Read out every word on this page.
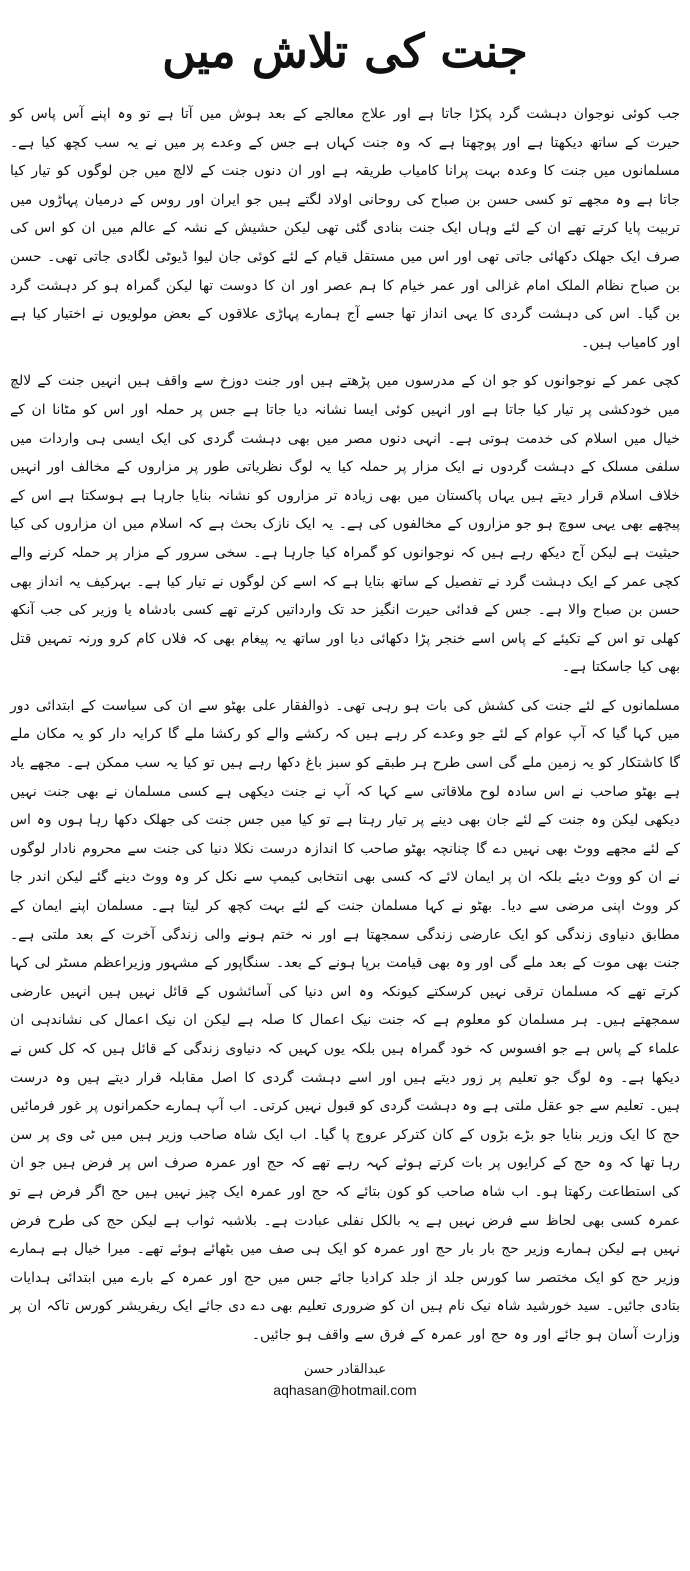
جنت کی تلاش میں

جب کوئی نوجوان دہشت گرد پکڑا جاتا ہے اور علاج معالجے کے بعد ہوش میں آتا ہے تو وہ اپنے آس پاس کو حیرت کے ساتھ دیکھتا ہے اور پوچھتا ہے کہ وہ جنت کہاں ہے جس کے وعدے پر میں نے یہ سب کچھ کیا ہے۔ مسلمانوں میں جنت کا وعدہ بہت پرانا کامیاب طریقہ ہے اور ان دنوں جنت کے لالچ میں جن لوگوں کو تیار کیا جاتا ہے وہ مجھے تو کسی حسن بن صباح کی روحانی اولاد لگتے ہیں جو ایران اور روس کے درمیان پہاڑوں میں تربیت پایا کرتے تھے ان کے لئے وہاں ایک جنت بنادی گئی تھی لیکن حشیش کے نشہ کے عالم میں ان کو اس کی صرف ایک جھلک دکھائی جاتی تھی اور اس میں مستقل قیام کے لئے کوئی جان لیوا ڈیوٹی لگادی جاتی تھی۔ حسن بن صباح نظام الملک امام غزالی اور عمر خیام کا ہم عصر اور ان کا دوست تھا لیکن گمراہ ہو کر دہشت گرد بن گیا۔ اس کی دہشت گردی کا یہی انداز تھا جسے آج ہمارے پہاڑی علاقوں کے بعض مولویوں نے اختیار کیا ہے اور کامیاب ہیں۔

کچی عمر کے نوجوانوں کو جو ان کے مدرسوں میں پڑھتے ہیں اور جنت دوزخ سے واقف ہیں انہیں جنت کے لالچ میں خودکشی پر تیار کیا جاتا ہے اور انہیں کوئی ایسا نشانہ دیا جاتا ہے جس پر حملہ اور اس کو مٹانا ان کے خیال میں اسلام کی خدمت ہوتی ہے۔ انہی دنوں مصر میں بھی دہشت گردی کی ایک ایسی ہی واردات میں سلفی مسلک کے دہشت گردوں نے ایک مزار پر حملہ کیا یہ لوگ نظریاتی طور پر مزاروں کے مخالف اور انہیں خلاف اسلام قرار دیتے ہیں یہاں پاکستان میں بھی زیادہ تر مزاروں کو نشانہ بنایا جارہا ہے ہوسکتا ہے اس کے پیچھے بھی یہی سوچ ہو جو مزاروں کے مخالفوں کی ہے۔ یہ ایک نازک بحث ہے کہ اسلام میں ان مزاروں کی کیا حیثیت ہے لیکن آج دیکھ رہے ہیں کہ نوجوانوں کو گمراہ کیا جارہا ہے۔ سخی سرور کے مزار پر حملہ کرنے والے کچی عمر کے ایک دہشت گرد نے تفصیل کے ساتھ بتایا ہے کہ اسے کن لوگوں نے تیار کیا ہے۔ بہرکیف یہ انداز بھی حسن بن صباح والا ہے۔ جس کے فدائی حیرت انگیز حد تک وارداتیں کرتے تھے کسی بادشاہ یا وزیر کی جب آنکھ کھلی تو اس کے تکیئے کے پاس اسے خنجر پڑا دکھائی دیا اور ساتھ یہ پیغام بھی کہ فلاں کام کرو ورنہ تمہیں قتل بھی کیا جاسکتا ہے۔

مسلمانوں کے لئے جنت کی کشش کی بات ہو رہی تھی۔ ذوالفقار علی بھٹو سے ان کی سیاست کے ابتدائی دور میں کہا گیا کہ آپ عوام کے لئے جو وعدے کر رہے ہیں کہ رکشے والے کو رکشا ملے گا کرایہ دار کو یہ مکان ملے گا کاشتکار کو یہ زمین ملے گی اسی طرح ہر طبقے کو سبز باغ دکھا رہے ہیں تو کیا یہ سب ممکن ہے۔ مجھے یاد ہے بھٹو صاحب نے اس سادہ لوح ملاقاتی سے کہا کہ آپ نے جنت دیکھی ہے کسی مسلمان نے بھی جنت نہیں دیکھی لیکن وہ جنت کے لئے جان بھی دینے پر تیار رہتا ہے تو کیا میں جس جنت کی جھلک دکھا رہا ہوں وہ اس کے لئے مجھے ووٹ بھی نہیں دے گا چنانچہ بھٹو صاحب کا اندازہ درست نکلا دنیا کی جنت سے محروم نادار لوگوں نے ان کو ووٹ دیئے بلکہ ان پر ایمان لائے کہ کسی بھی انتخابی کیمپ سے نکل کر وہ ووٹ دینے گئے لیکن اندر جا کر ووٹ اپنی مرضی سے دیا۔ بھٹو نے کہا مسلمان جنت کے لئے بہت کچھ کر لیتا ہے۔ مسلمان اپنے ایمان کے مطابق دنیاوی زندگی کو ایک عارضی زندگی سمجھتا ہے اور نہ ختم ہونے والی زندگی آخرت کے بعد ملتی ہے۔ جنت بھی موت کے بعد ملے گی اور وہ بھی قیامت برپا ہونے کے بعد۔ سنگاپور کے مشہور وزیراعظم مسٹر لی کہا کرتے تھے کہ مسلمان ترقی نہیں کرسکتے کیونکہ وہ اس دنیا کی آسائشوں کے قائل نہیں ہیں انہیں عارضی سمجھتے ہیں۔ ہر مسلمان کو معلوم ہے کہ جنت نیک اعمال کا صلہ ہے لیکن ان نیک اعمال کی نشاندہی ان علماء کے پاس ہے جو افسوس کہ خود گمراہ ہیں بلکہ یوں کہیں کہ دنیاوی زندگی کے قائل ہیں کہ کل کس نے دیکھا ہے۔ وہ لوگ جو تعلیم پر زور دیتے ہیں اور اسے دہشت گردی کا اصل مقابلہ قرار دیتے ہیں وہ درست ہیں۔ تعلیم سے جو عقل ملتی ہے وہ دہشت گردی کو قبول نہیں کرتی۔ اب آپ ہمارے حکمرانوں پر غور فرمائیں حج کا ایک وزیر بنایا جو بڑے بڑوں کے کان کترکر عروج پا گیا۔ اب ایک شاہ صاحب وزیر ہیں میں ٹی وی پر سن رہا تھا کہ وہ حج کے کرایوں پر بات کرتے ہوئے کہہ رہے تھے کہ حج اور عمرہ صرف اس پر فرض ہیں جو ان کی استطاعت رکھتا ہو۔ اب شاہ صاحب کو کون بتائے کہ حج اور عمرہ ایک چیز نہیں ہیں حج اگر فرض ہے تو عمرہ کسی بھی لحاظ سے فرض نہیں ہے یہ بالکل نفلی عبادت ہے۔ بلاشبہ ثواب ہے لیکن حج کی طرح فرض نہیں ہے لیکن ہمارے وزیر حج بار بار حج اور عمرہ کو ایک ہی صف میں بٹھائے ہوئے تھے۔ میرا خیال ہے ہمارے وزیر حج کو ایک مختصر سا کورس جلد از جلد کرادیا جائے جس میں حج اور عمرہ کے بارے میں ابتدائی ہدایات بتادی جائیں۔ سید خورشید شاہ نیک نام ہیں ان کو ضروری تعلیم بھی دے دی جائے ایک ریفریشر کورس تاکہ ان پر وزارت آسان ہو جائے اور وہ حج اور عمرہ کے فرق سے واقف ہو جائیں۔

عبدالقادر حسن
aqhasan@hotmail.com
